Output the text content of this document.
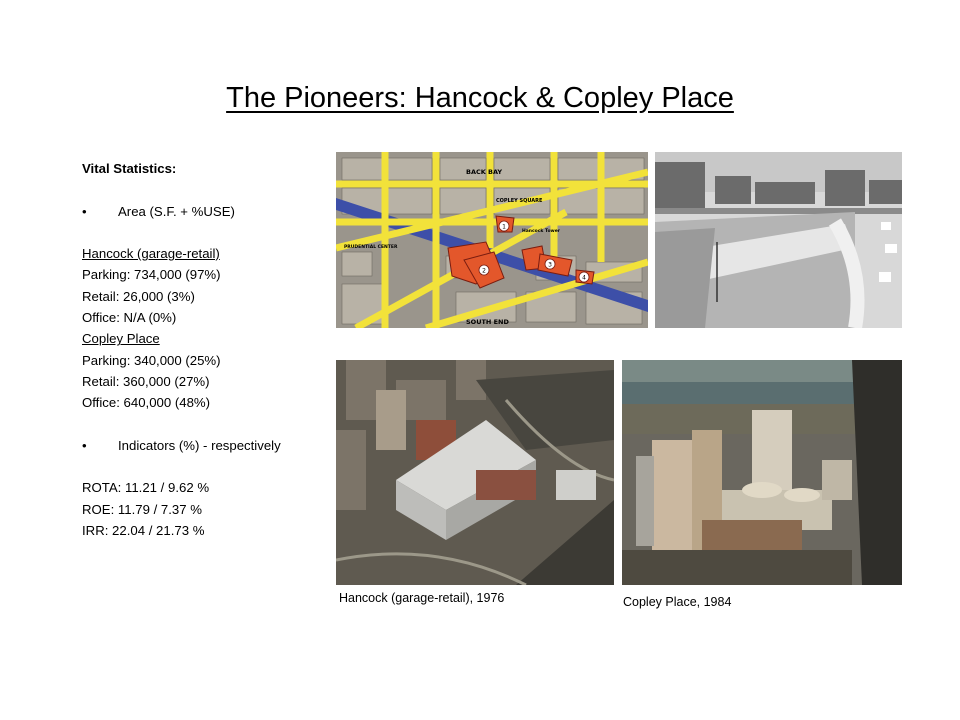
The Pioneers: Hancock & Copley Place
Vital Statistics:
•	Area (S.F. + %USE)
Hancock (garage-retail)
Parking: 734,000 (97%)
Retail: 26,000 (3%)
Office: N/A (0%)
Copley Place
Parking: 340,000 (25%)
Retail: 360,000 (27%)
Office: 640,000 (48%)
•	Indicators (%) - respectively
ROTA: 11.21 / 9.62 %
ROE: 11.79 / 7.37 %
IRR: 22.04 / 21.73 %
1
2
3
4
BACK BAY
COPLEY SQUARE
Hancock Tower
PRUDENTIAL CENTER
SOUTH END
Hancock (garage-retail), 1976	Copley Place, 1984
